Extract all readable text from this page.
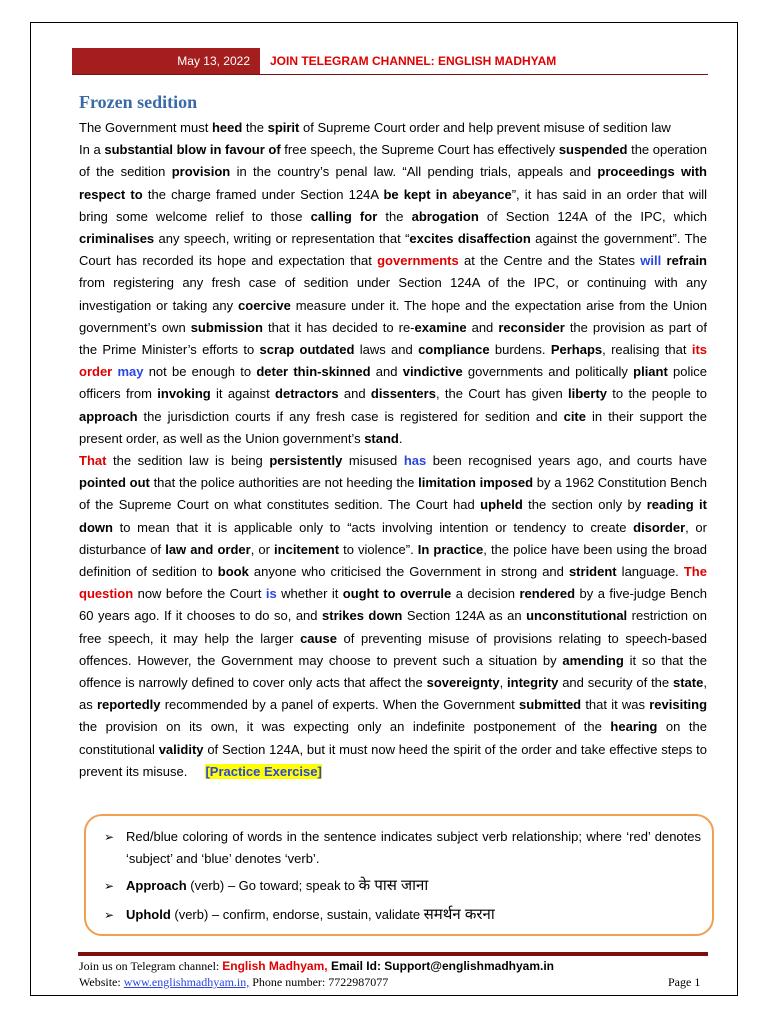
May 13, 2022	JOIN TELEGRAM CHANNEL: ENGLISH MADHYAM
Frozen sedition

The Government must heed the spirit of Supreme Court order and help prevent misuse of sedition law

In a substantial blow in favour of free speech, the Supreme Court has effectively suspended the operation of the sedition provision in the country’s penal law. “All pending trials, appeals and proceedings with respect to the charge framed under Section 124A be kept in abeyance”, it has said in an order that will bring some welcome relief to those calling for the abrogation of Section 124A of the IPC, which criminalises any speech, writing or representation that “excites disaffection against the government”. The Court has recorded its hope and expectation that governments at the Centre and the States will refrain from registering any fresh case of sedition under Section 124A of the IPC, or continuing with any investigation or taking any coercive measure under it. The hope and the expectation arise from the Union government’s own submission that it has decided to re-examine and reconsider the provision as part of the Prime Minister’s efforts to scrap outdated laws and compliance burdens. Perhaps, realising that its order may not be enough to deter thin-skinned and vindictive governments and politically pliant police officers from invoking it against detractors and dissenters, the Court has given liberty to the people to approach the jurisdiction courts if any fresh case is registered for sedition and cite in their support the present order, as well as the Union government’s stand.

That the sedition law is being persistently misused has been recognised years ago, and courts have pointed out that the police authorities are not heeding the limitation imposed by a 1962 Constitution Bench of the Supreme Court on what constitutes sedition. The Court had upheld the section only by reading it down to mean that it is applicable only to “acts involving intention or tendency to create disorder, or disturbance of law and order, or incitement to violence”. In practice, the police have been using the broad definition of sedition to book anyone who criticised the Government in strong and strident language. The question now before the Court is whether it ought to overrule a decision rendered by a five-judge Bench 60 years ago. If it chooses to do so, and strikes down Section 124A as an unconstitutional restriction on free speech, it may help the larger cause of preventing misuse of provisions relating to speech-based offences. However, the Government may choose to prevent such a situation by amending it so that the offence is narrowly defined to cover only acts that affect the sovereignty, integrity and security of the state, as reportedly recommended by a panel of experts. When the Government submitted that it was revisiting the provision on its own, it was expecting only an indefinite postponement of the hearing on the constitutional validity of Section 124A, but it must now heed the spirit of the order and take effective steps to prevent its misuse. [Practice Exercise]

➢ Red/blue coloring of words in the sentence indicates subject verb relationship; where ‘red’ denotes ‘subject’ and ‘blue’ denotes ‘verb’.
➢ Approach (verb) – Go toward; speak to के पास जाना
➢ Uphold (verb) – confirm, endorse, sustain, validate समर्थन करना
Join us on Telegram channel: English Madhyam, Email Id: Support@englishmadhyam.in
Website: www.englishmadhyam.in, Phone number: 7722987077	Page 1
